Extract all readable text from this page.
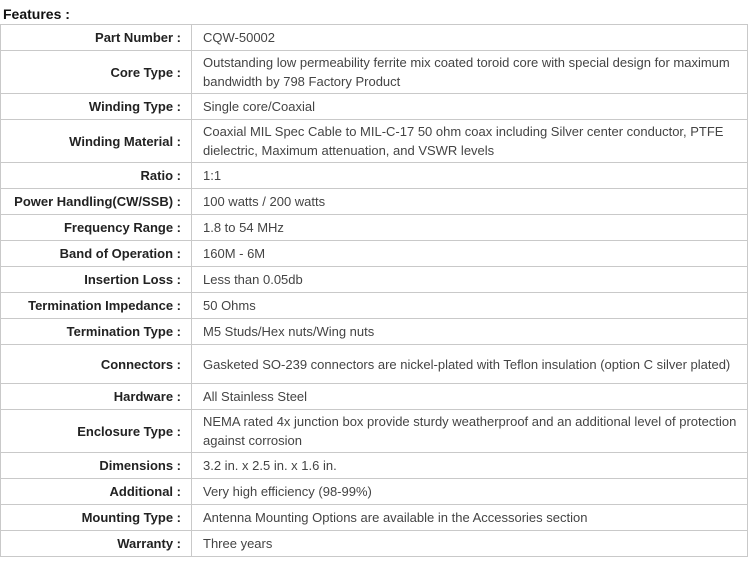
Features :
Part Number :	CQW-50002
Core Type :	Outstanding low permeability ferrite mix coated toroid core with special design for maximum bandwidth by 798 Factory Product
Winding Type :	Single core/Coaxial
Winding Material :	Coaxial MIL Spec Cable to MIL-C-17 50 ohm coax including Silver center conductor, PTFE dielectric, Maximum attenuation, and VSWR levels
Ratio :	1:1
Power Handling(CW/SSB) :	100 watts / 200 watts
Frequency Range :	1.8 to 54 MHz
Band of Operation :	160M - 6M
Insertion Loss :	Less than 0.05db
Termination Impedance :	50 Ohms
Termination Type :	M5 Studs/Hex nuts/Wing nuts
Connectors :	Gasketed SO-239 connectors are nickel-plated with Teflon insulation (option C silver plated)
Hardware :	All Stainless Steel
Enclosure Type :	NEMA rated 4x junction box provide sturdy weatherproof and an additional level of protection against corrosion
Dimensions :	3.2 in. x 2.5 in. x 1.6 in.
Additional :	Very high efficiency (98-99%)
Mounting Type :	Antenna Mounting Options are available in the Accessories section
Warranty :	Three years
